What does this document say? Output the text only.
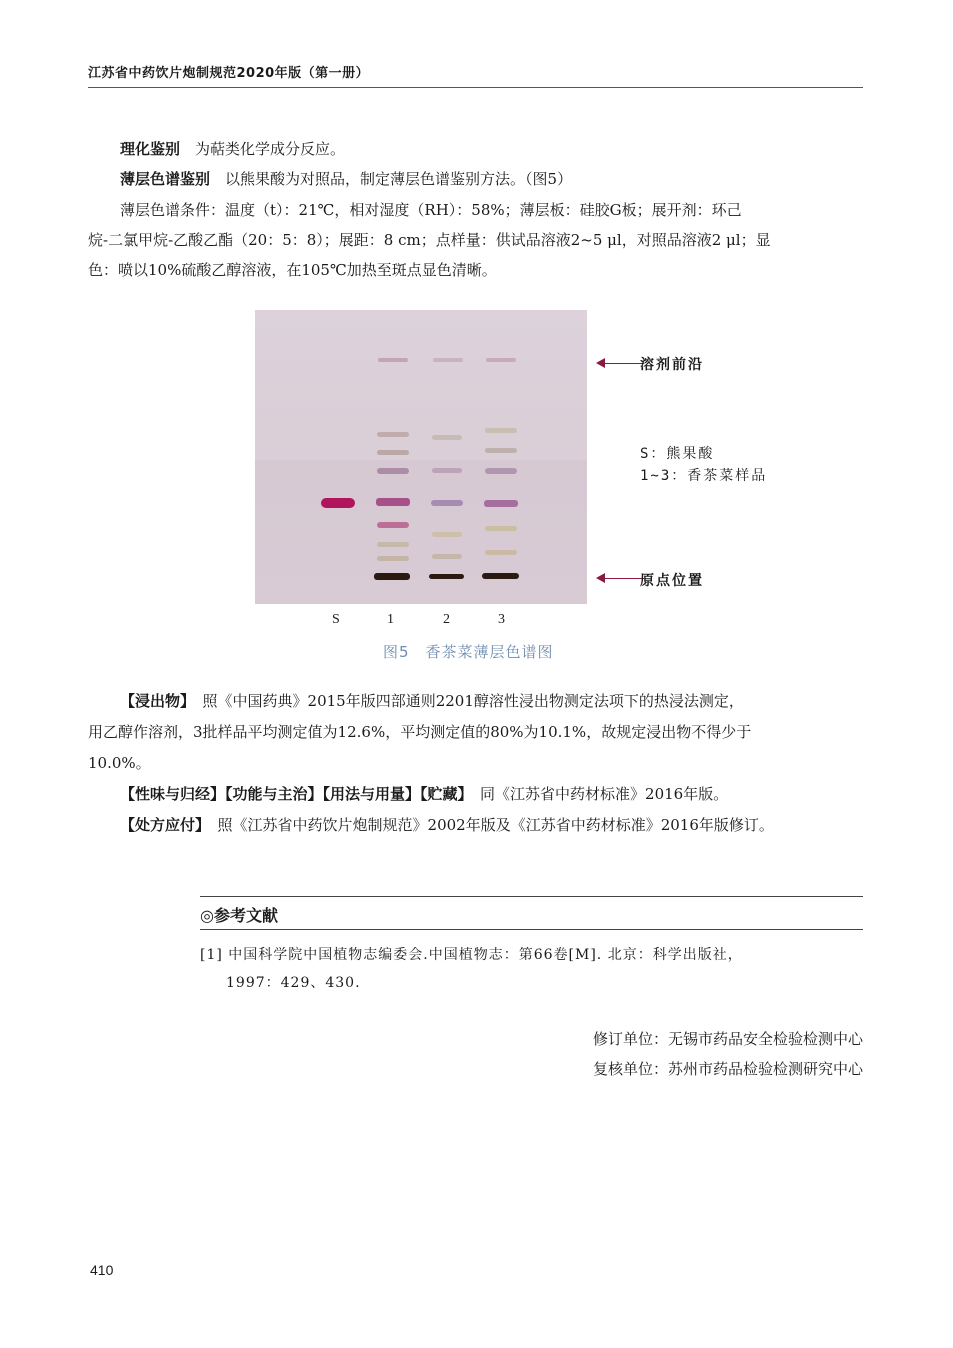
江苏省中药饮片炮制规范2020年版（第一册）
理化鉴别　 为萜类化学成分反应。
薄层色谱鉴别　 以熊果酸为对照品，制定薄层色谱鉴别方法。（图5）
薄层色谱条件：温度（t）：21℃，相对湿度（RH）：58%；薄层板：硅胶G板；展开剂：环己
烷-二氯甲烷-乙酸乙酯（20：5：8）；展距：8 cm；点样量：供试品溶液2~5 μl，对照品溶液2 μl；显
色：喷以10%硫酸乙醇溶液，在105℃加热至斑点显色清晰。
S	1	2	3
溶剂前沿
S：熊果酸
1~3：香茶菜样品
原点位置
图5　香茶菜薄层色谱图
【浸出物】　 照《中国药典》2015年版四部通则2201醇溶性浸出物测定法项下的热浸法测定，
用乙醇作溶剂，3批样品平均测定值为12.6%，平均测定值的80%为10.1%，故规定浸出物不得少于
10.0%。
【性味与归经】【功能与主治】【用法与用量】【贮藏】　 同《江苏省中药材标准》2016年版。
【处方应付】　 照《江苏省中药饮片炮制规范》2002年版及《江苏省中药材标准》2016年版修订。
◎参考文献
[1] 中国科学院中国植物志编委会.中国植物志：第66卷[M]. 北京：科学出版社，
1997：429、430.
修订单位：无锡市药品安全检验检测中心
复核单位：苏州市药品检验检测研究中心
410
